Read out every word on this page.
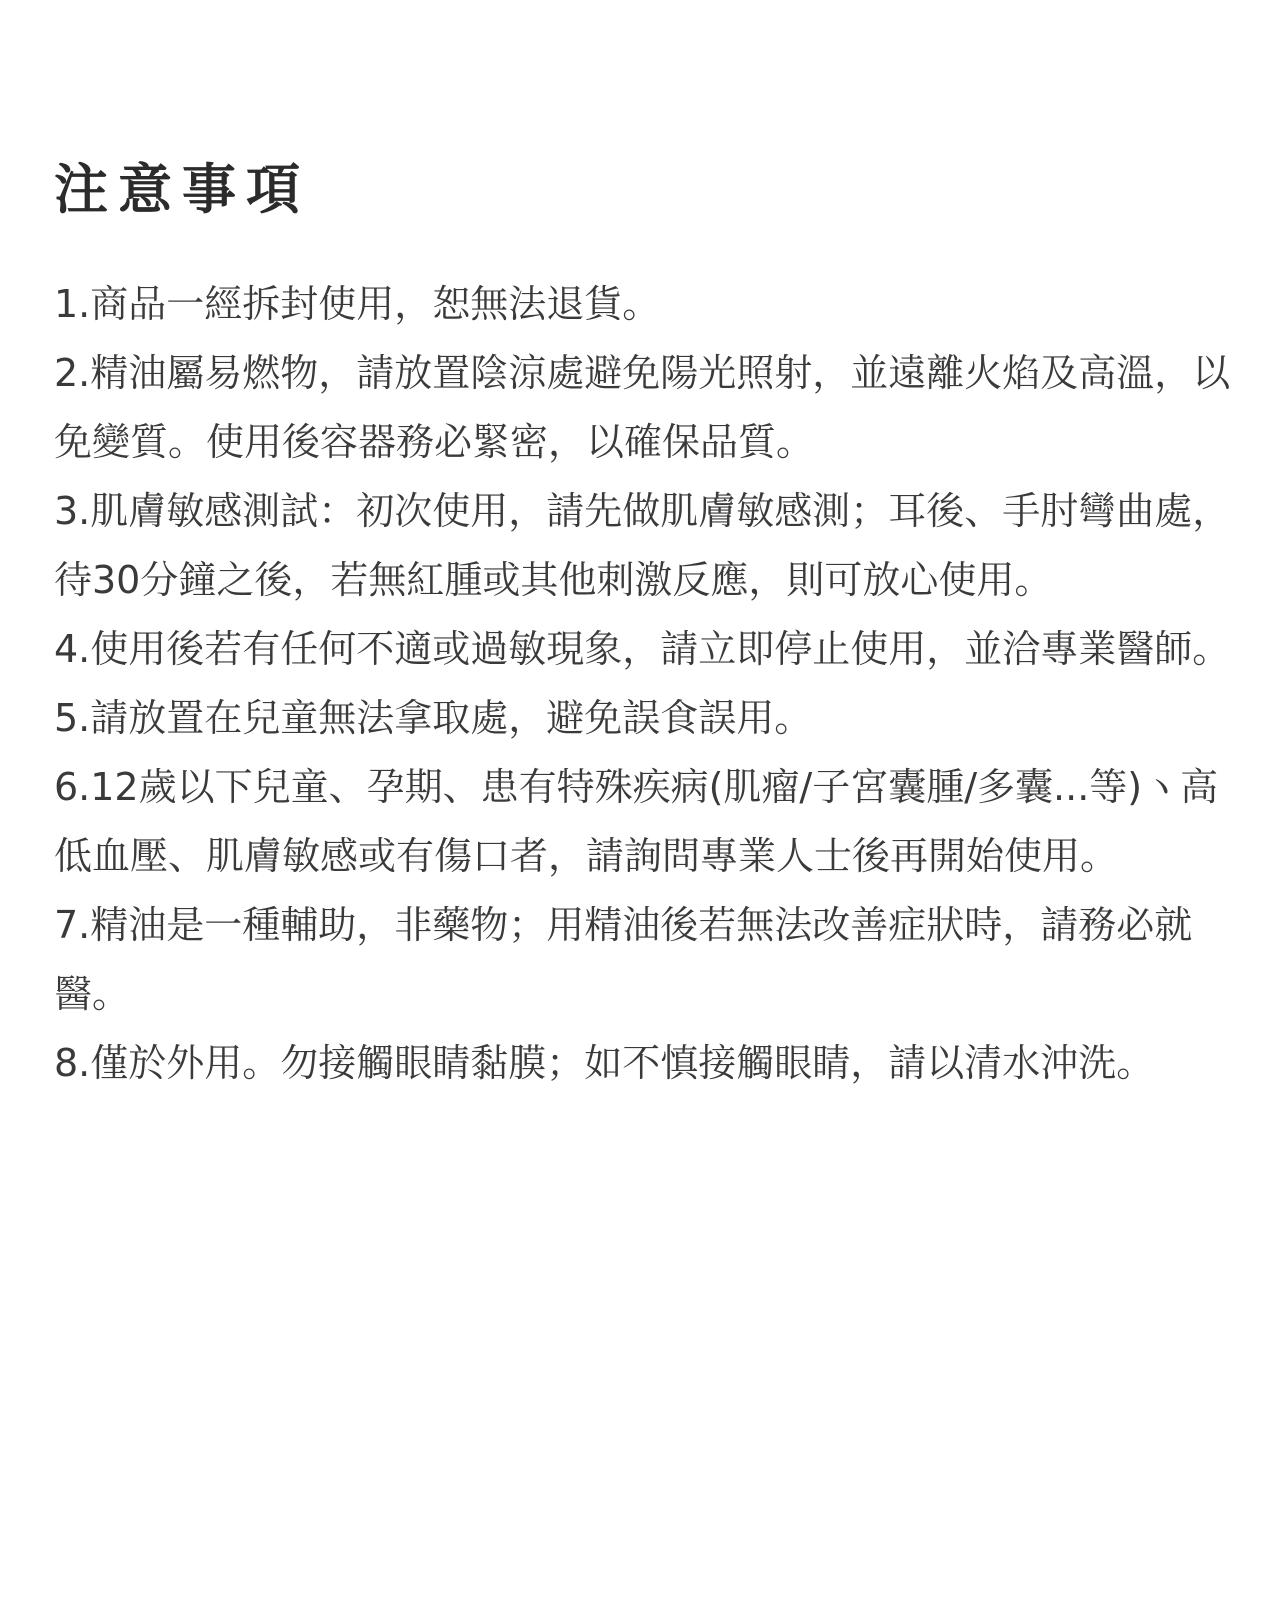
注意事項
1.商品一經拆封使用，恕無法退貨。
2.精油屬易燃物，請放置陰涼處避免陽光照射，並遠離火焰及高溫，以免變質。使用後容器務必緊密，以確保品質。
3.肌膚敏感測試：初次使用，請先做肌膚敏感測；耳後、手肘彎曲處，待30分鐘之後，若無紅腫或其他刺激反應，則可放心使用。
4.使用後若有任何不適或過敏現象，請立即停止使用，並洽專業醫師。
5.請放置在兒童無法拿取處，避免誤食誤用。
6.12歲以下兒童、孕期、患有特殊疾病(肌瘤/子宮囊腫/多囊...等)ヽ高低血壓、肌膚敏感或有傷口者，請詢問專業人士後再開始使用。
7.精油是一種輔助，非藥物；用精油後若無法改善症狀時，請務必就醫。
8.僅於外用。勿接觸眼睛黏膜；如不慎接觸眼睛，請以清水沖洗。
